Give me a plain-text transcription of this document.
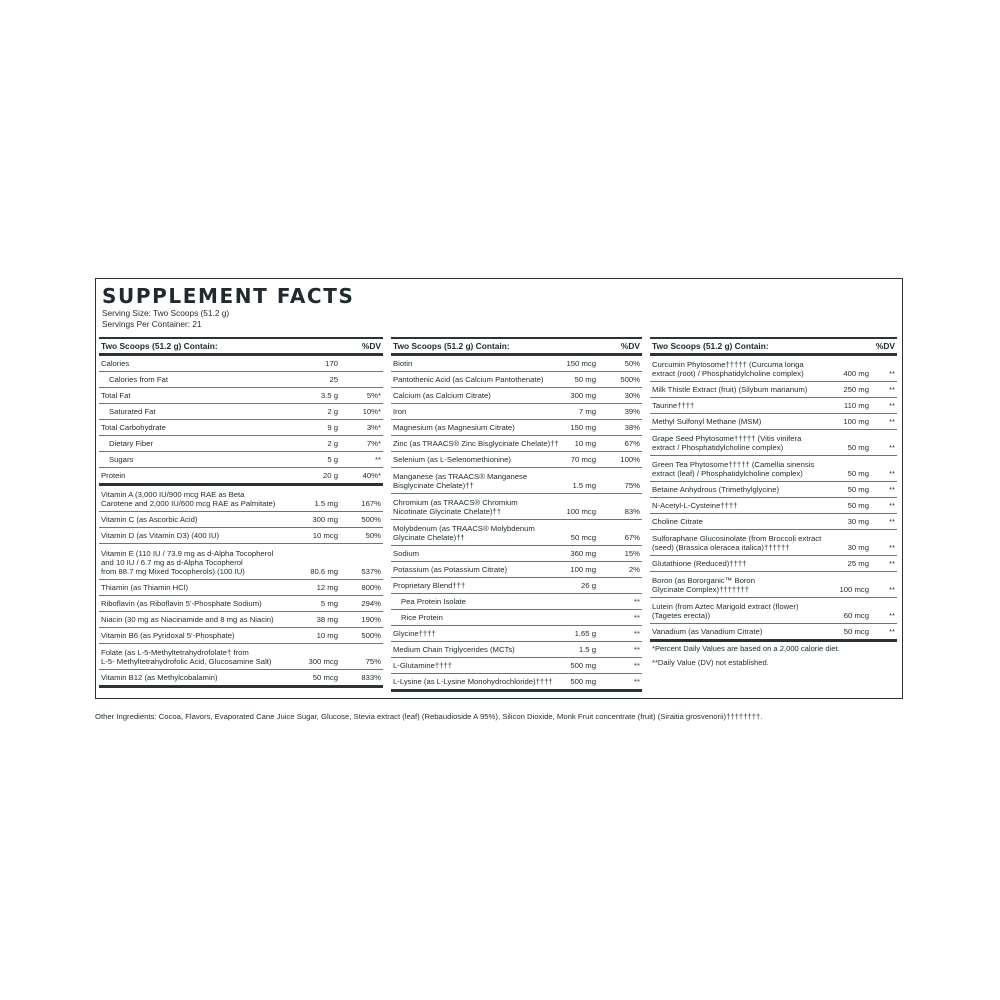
SUPPLEMENT FACTS
Serving Size: Two Scoops (51.2 g)
Servings Per Container: 21
Two Scoops (51.2 g) Contain:	%DV
Calories	170
Calories from Fat	25
Total Fat	3.5 g	5%*
Saturated Fat	2 g	10%*
Total Carbohydrate	9 g	3%*
Dietary Fiber	2 g	7%*
Sugars	5 g	**
Protein	20 g	40%*
Vitamin A (3,000 IU/900 mcg RAE as Beta
Carotene and 2,000 IU/600 mcg RAE as Palmitate)	1.5 mg	167%
Vitamin C (as Ascorbic Acid)	300 mg	500%
Vitamin D (as Vitamin D3) (400 IU)	10 mcg	50%
Vitamin E (110 IU / 73.9 mg as d-Alpha Tocopherol
and 10 IU / 6.7 mg as d-Alpha Tocopherol
from 88.7 mg Mixed Tocopherols) (100 IU)	80.6 mg	537%
Thiamin (as Thiamin HCl)	12 mg	800%
Riboflavin (as Riboflavin 5’-Phosphate Sodium)	5 mg	294%
Niacin (30 mg as Niacinamide and 8 mg as Niacin)	38 mg	190%
Vitamin B6 (as Pyridoxal 5’-Phosphate)	10 mg	500%
Folate (as L-5-Methyltetrahydrofolate† from
L-5- Methyltetrahydrofolic Acid, Glucosamine Salt)	300 mcg	75%
Vitamin B12 (as Methylcobalamin)	50 mcg	833%
Two Scoops (51.2 g) Contain:	%DV
Biotin	150 mcg	50%
Pantothenic Acid (as Calcium Pantothenate)	50 mg	500%
Calcium (as Calcium Citrate)	300 mg	30%
Iron	7 mg	39%
Magnesium (as Magnesium Citrate)	150 mg	38%
Zinc (as TRAACS® Zinc Bisglycinate Chelate)†† 10 mg	67%
Selenium (as L-Selenomethionine)	70 mcg	100%
Manganese (as TRAACS® Manganese
Bisglycinate Chelate)††	1.5 mg	75%
Chromium (as TRAACS® Chromium
Nicotinate Glycinate Chelate)††	100 mcg	83%
Molybdenum (as TRAACS® Molybdenum
Glycinate Chelate)††	50 mcg	67%
Sodium	360 mg	15%
Potassium (as Potassium Citrate)	100 mg	2%
Proprietary Blend†††	26 g
Pea Protein Isolate	**
Rice Protein	**
Glycine††††	1.65 g	**
Medium Chain Triglycerides (MCTs)	1.5 g	**
L-Glutamine††††	500 mg	**
L-Lysine (as L-Lysine Monohydrochloride)†††† 500 mg	**
Two Scoops (51.2 g) Contain:	%DV
Curcumin Phytosome††††† (Curcuma longa
extract (root) / Phosphatidylcholine complex)	400 mg	**
Milk Thistle Extract (fruit) (Silybum marianum)	250 mg	**
Taurine††††	110 mg	**
Methyl Sulfonyl Methane (MSM)	100 mg	**
Grape Seed Phytosome††††† (Vitis vinifera
extract / Phosphatidylcholine complex)	50 mg	**
Green Tea Phytosome††††† (Camellia sinensis
extract (leaf) / Phosphatidylcholine complex)	50 mg	**
Betaine Anhydrous (Trimethylglycine)	50 mg	**
N-Acetyl-L-Cysteine††††	50 mg	**
Choline Citrate	30 mg	**
Sulforaphane Glucosinolate (from Broccoli extract
(seed) (Brassica oleracea italica)††††††	30 mg	**
Glutathione (Reduced)††††	25 mg	**
Boron (as Bororganic™ Boron
Glycinate Complex)†††††††	100 mcg	**
Lutein (from Aztec Marigold extract (flower)
(Tagetes erecta))	60 mcg	**
Vanadium (as Vanadium Citrate)	50 mcg	**
*Percent Daily Values are based on a 2,000 calorie diet.
**Daily Value (DV) not established.
Other Ingredients: Cocoa, Flavors, Evaporated Cane Juice Sugar, Glucose, Stevia extract (leaf) (Rebaudioside A 95%), Silicon Dioxide, Monk Fruit concentrate (fruit) (Siraitia grosvenorii)††††††††.
